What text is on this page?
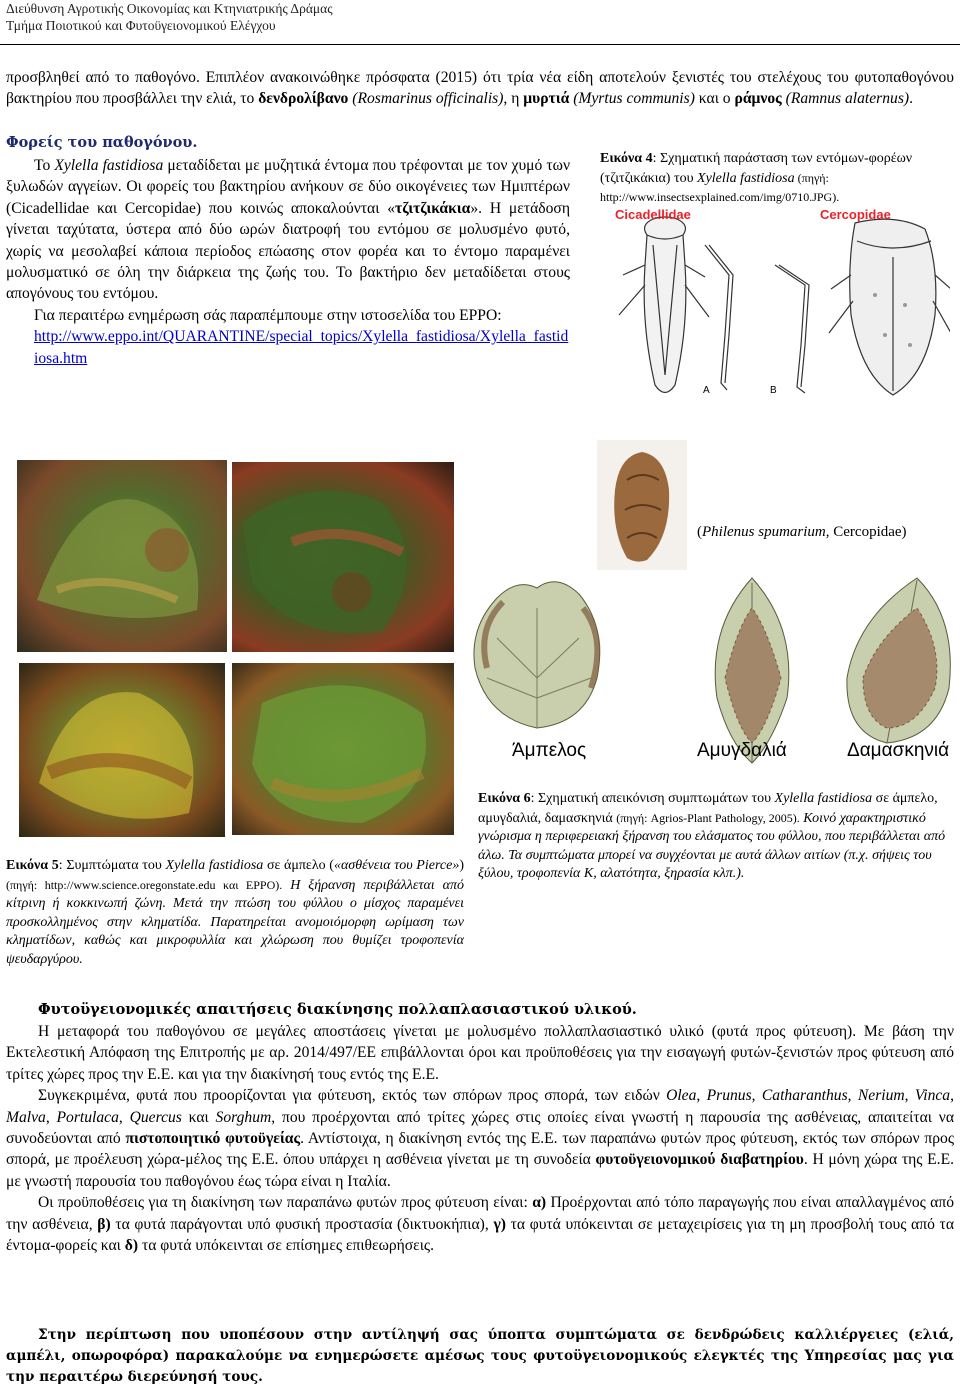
Διεύθυνση Αγροτικής Οικονομίας και Κτηνιατρικής Δράμας
Τμήμα Ποιοτικού και Φυτοϋγειονομικού Ελέγχου

προσβληθεί από το παθογόνο. Επιπλέον ανακοινώθηκε πρόσφατα (2015) ότι τρία νέα είδη αποτελούν ξενιστές του στελέχους του φυτοπαθογόνου βακτηρίου που προσβάλλει την ελιά, το δενδρολίβανο (Rosmarinus officinalis), η μυρτιά (Myrtus communis) και ο ράμνος (Ramnus alaternus).

Φορείς του παθογόνου.

Το Xylella fastidiosa μεταδίδεται με μυζητικά έντομα που τρέφονται με τον χυμό των ξυλωδών αγγείων. Οι φορείς του βακτηρίου ανήκουν σε δύο οικογένειες των Ημιπτέρων (Cicadellidae και Cercopidae) που κοινώς αποκαλούνται «τζιτζικάκια». Η μετάδοση γίνεται ταχύτατα, ύστερα από δύο ωρών διατροφή του εντόμου σε μολυσμένο φυτό, χωρίς να μεσολαβεί κάποια περίοδος επώασης στον φορέα και το έντομο παραμένει μολυσματικό σε όλη την διάρκεια της ζωής του. Το βακτήριο δεν μεταδίδεται στους απογόνους του εντόμου.

Για περαιτέρω ενημέρωση σάς παραπέμπουμε στην ιστοσελίδα του EPPO:

http://www.eppo.int/QUARANTINE/special_topics/Xylella_fastidiosa/Xylella_fastidiosa.htm

Εικόνα 4: Σχηματική παράσταση των εντόμων-φορέων (τζιτζικάκια) του Xylella fastidiosa (πηγή: http://www.insectsexplained.com/img/0710.JPG).

Cicadellidae	Cercopidae
A	B

(Philenus spumarium, Cercopidae)

Άμπελος	Αμυγδαλιά	Δαμασκηνιά

Εικόνα 6: Σχηματική απεικόνιση συμπτωμάτων του Xylella fastidiosa σε άμπελο, αμυγδαλιά, δαμασκηνιά (πηγή: Agrios-Plant Pathology, 2005). Κοινό χαρακτηριστικό γνώρισμα η περιφερειακή ξήρανση του ελάσματος του φύλλου, που περιβάλλεται από άλω. Τα συμπτώματα μπορεί να συγχέονται με αυτά άλλων αιτίων (π.χ. σήψεις του ξύλου, τροφοπενία Κ, αλατότητα, ξηρασία κλπ.).

Εικόνα 5: Συμπτώματα του Xylella fastidiosa σε άμπελο («ασθένεια του Pierce») (πηγή: http://www.science.oregonstate.edu και EPPO). Η ξήρανση περιβάλλεται από κίτρινη ή κοκκινωπή ζώνη. Μετά την πτώση του φύλλου ο μίσχος παραμένει προσκολλημένος στην κληματίδα. Παρατηρείται ανομοιόμορφη ωρίμαση των κληματίδων, καθώς και μικροφυλλία και χλώρωση που θυμίζει τροφοπενία ψευδαργύρου.

Φυτοϋγειονομικές απαιτήσεις διακίνησης πολλαπλασιαστικού υλικού.

Η μεταφορά του παθογόνου σε μεγάλες αποστάσεις γίνεται με μολυσμένο πολλαπλασιαστικό υλικό (φυτά προς φύτευση). Με βάση την Εκτελεστική Απόφαση της Επιτροπής με αρ. 2014/497/ΕΕ επιβάλλονται όροι και προϋποθέσεις για την εισαγωγή φυτών-ξενιστών προς φύτευση από τρίτες χώρες προς την Ε.Ε. και για την διακίνησή τους εντός της Ε.Ε.

Συγκεκριμένα, φυτά που προορίζονται για φύτευση, εκτός των σπόρων προς σπορά, των ειδών Olea, Prunus, Catharanthus, Nerium, Vinca, Malva, Portulaca, Quercus και Sorghum, που προέρχονται από τρίτες χώρες στις οποίες είναι γνωστή η παρουσία της ασθένειας, απαιτείται να συνοδεύονται από πιστοποιητικό φυτοϋγείας. Αντίστοιχα, η διακίνηση εντός της Ε.Ε. των παραπάνω φυτών προς φύτευση, εκτός των σπόρων προς σπορά, με προέλευση χώρα-μέλος της Ε.Ε. όπου υπάρχει η ασθένεια γίνεται με τη συνοδεία φυτοϋγειονομικού διαβατηρίου. Η μόνη χώρα της Ε.Ε. με γνωστή παρουσία του παθογόνου έως τώρα είναι η Ιταλία.

Οι προϋποθέσεις για τη διακίνηση των παραπάνω φυτών προς φύτευση είναι: α) Προέρχονται από τόπο παραγωγής που είναι απαλλαγμένος από την ασθένεια, β) τα φυτά παράγονται υπό φυσική προστασία (δικτυοκήπια), γ) τα φυτά υπόκεινται σε μεταχειρίσεις για τη μη προσβολή τους από τα έντομα-φορείς και δ) τα φυτά υπόκεινται σε επίσημες επιθεωρήσεις.

Στην περίπτωση που υποπέσουν στην αντίληψή σας ύποπτα συμπτώματα σε δενδρώδεις καλλιέργειες (ελιά, αμπέλι, οπωροφόρα) παρακαλούμε να ενημερώσετε αμέσως τους φυτοϋγειονομικούς ελεγκτές της Υπηρεσίας μας για την περαιτέρω διερεύνησή τους.
